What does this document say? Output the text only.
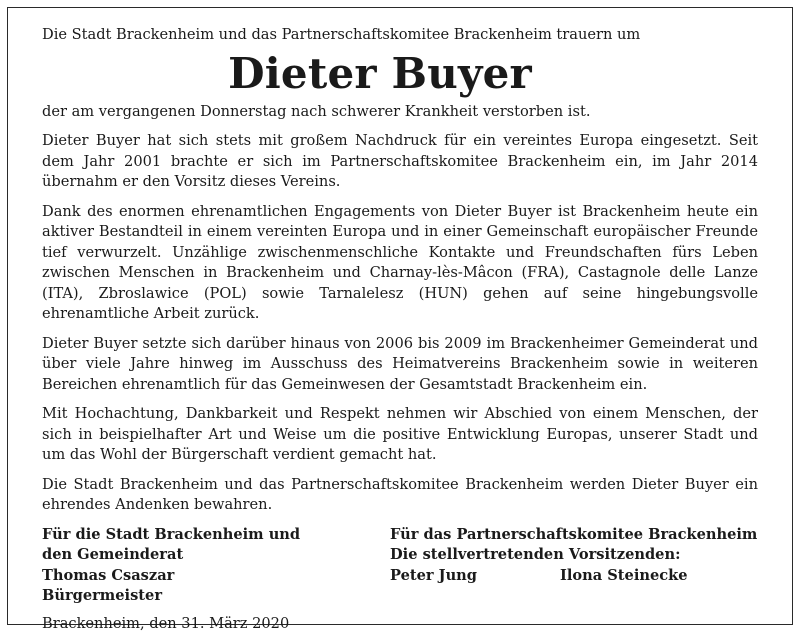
Die Stadt Brackenheim und das Partnerschaftskomitee Brackenheim trauern um

Dieter Buyer

der am vergangenen Donnerstag nach schwerer Krankheit verstorben ist.

Dieter Buyer hat sich stets mit großem Nachdruck für ein vereintes Europa eingesetzt. Seit dem Jahr 2001 brachte er sich im Partnerschaftskomitee Brackenheim ein, im Jahr 2014 übernahm er den Vorsitz dieses Vereins.

Dank des enormen ehrenamtlichen Engagements von Dieter Buyer ist Brackenheim heute ein aktiver Bestandteil in einem vereinten Europa und in einer Gemeinschaft europäischer Freunde tief verwurzelt. Unzählige zwischenmenschliche Kontakte und Freundschaften fürs Leben zwischen Menschen in Brackenheim und Charnay-lès-Mâcon (FRA), Castagnole delle Lanze (ITA), Zbroslawice (POL) sowie Tarnalelesz (HUN) gehen auf seine hingebungsvolle ehrenamtliche Arbeit zurück.

Dieter Buyer setzte sich darüber hinaus von 2006 bis 2009 im Brackenheimer Gemeinderat und über viele Jahre hinweg im Ausschuss des Heimatvereins Brackenheim sowie in weiteren Bereichen ehrenamtlich für das Gemeinwesen der Gesamtstadt Brackenheim ein.

Mit Hochachtung, Dankbarkeit und Respekt nehmen wir Abschied von einem Menschen, der sich in beispielhafter Art und Weise um die positive Entwicklung Europas, unserer Stadt und um das Wohl der Bürgerschaft verdient gemacht hat.

Die Stadt Brackenheim und das Partnerschaftskomitee Brackenheim werden Dieter Buyer ein ehrendes Andenken bewahren.

Für die Stadt Brackenheim und
den Gemeinderat
Thomas Csaszar
Bürgermeister
Für das Partnerschaftskomitee Brackenheim
Die stellvertretenden Vorsitzenden:
Peter Jung	Ilona Steinecke
Brackenheim, den 31. März 2020
